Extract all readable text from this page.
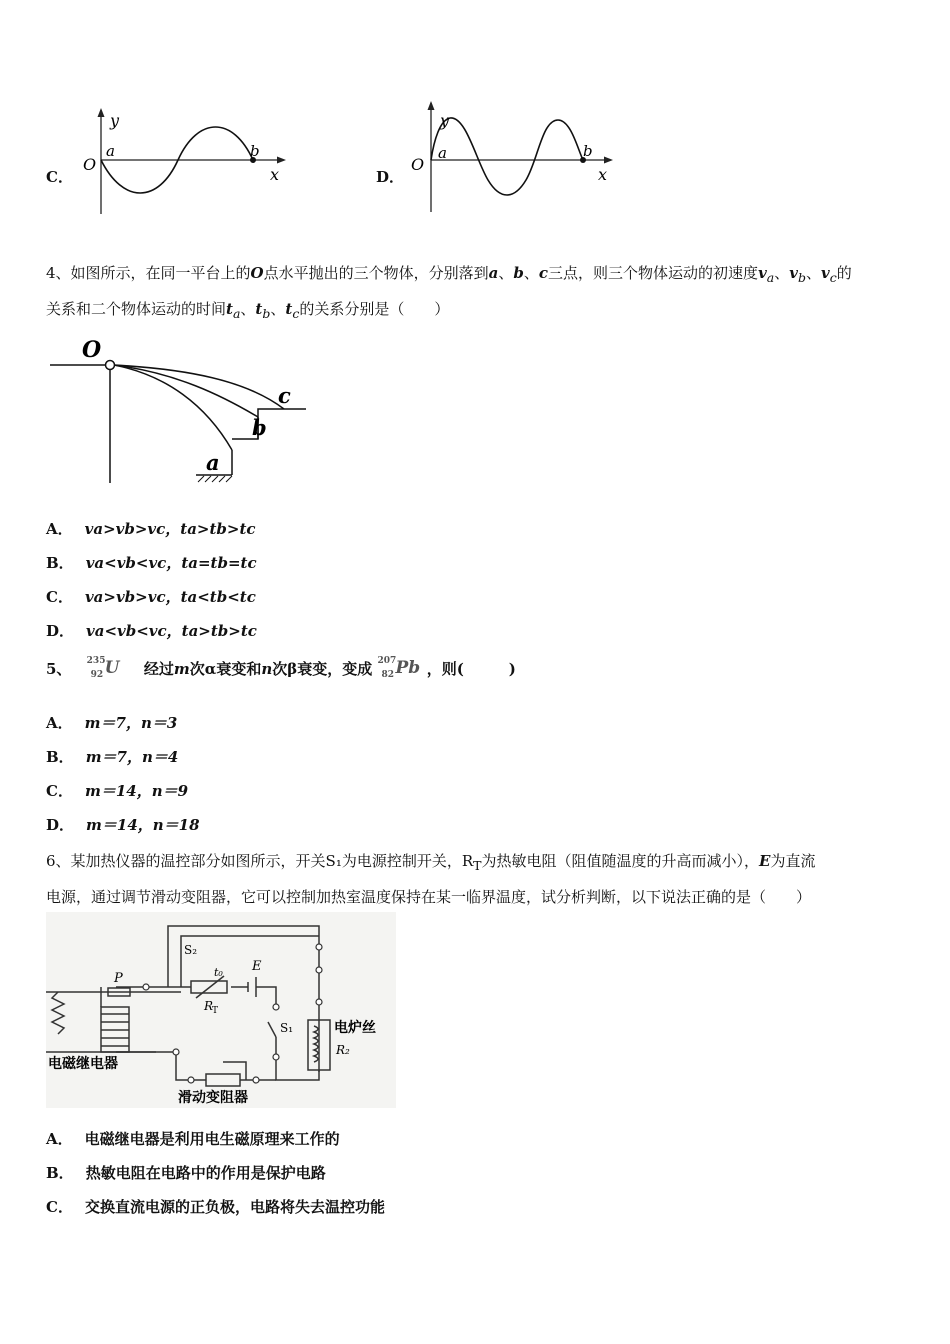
C．
y
O
a	b
x	D．
y
O
a	b
x
4、如图所示，在同一平台上的O点水平抛出的三个物体，分别落到a、b、c三点，则三个物体运动的初速度$v_a$、$v_b$、$v_c$的
关系和二个物体运动的时间$t_a$、$t_b$、$t_c$的关系分别是（　　）
O
a
b
c
A． va>vb>vc，ta>tb>tc
B． va<vb<vc，ta=tb=tc
C． va>vb>vc，ta<tb<tc
D． va<vb<vc，ta>tb>tc
5、 235
92 U 经过m次α衰变和n次β衰变，变成 207
82 Pb ，则(　　　)
A． m＝7，n＝3
B． m＝7，n＝4
C． m＝14，n＝9
D． m＝14，n＝18
6、某加热仪器的温控部分如图所示，开关S₁为电源控制开关，$R_T$为热敏电阻（阻值随温度的升高而减小），E为直流
电源，通过调节滑动变阻器，它可以控制加热室温度保持在某一临界温度，试分析判断，以下说法正确的是（　　）
P
S₂
t₀
R
T
E
S₁	电炉丝
R₂
电磁继电器
滑动变阻器
A． 电磁继电器是利用电生磁原理来工作的
B． 热敏电阻在电路中的作用是保护电路
C． 交换直流电源的正负极，电路将失去温控功能
